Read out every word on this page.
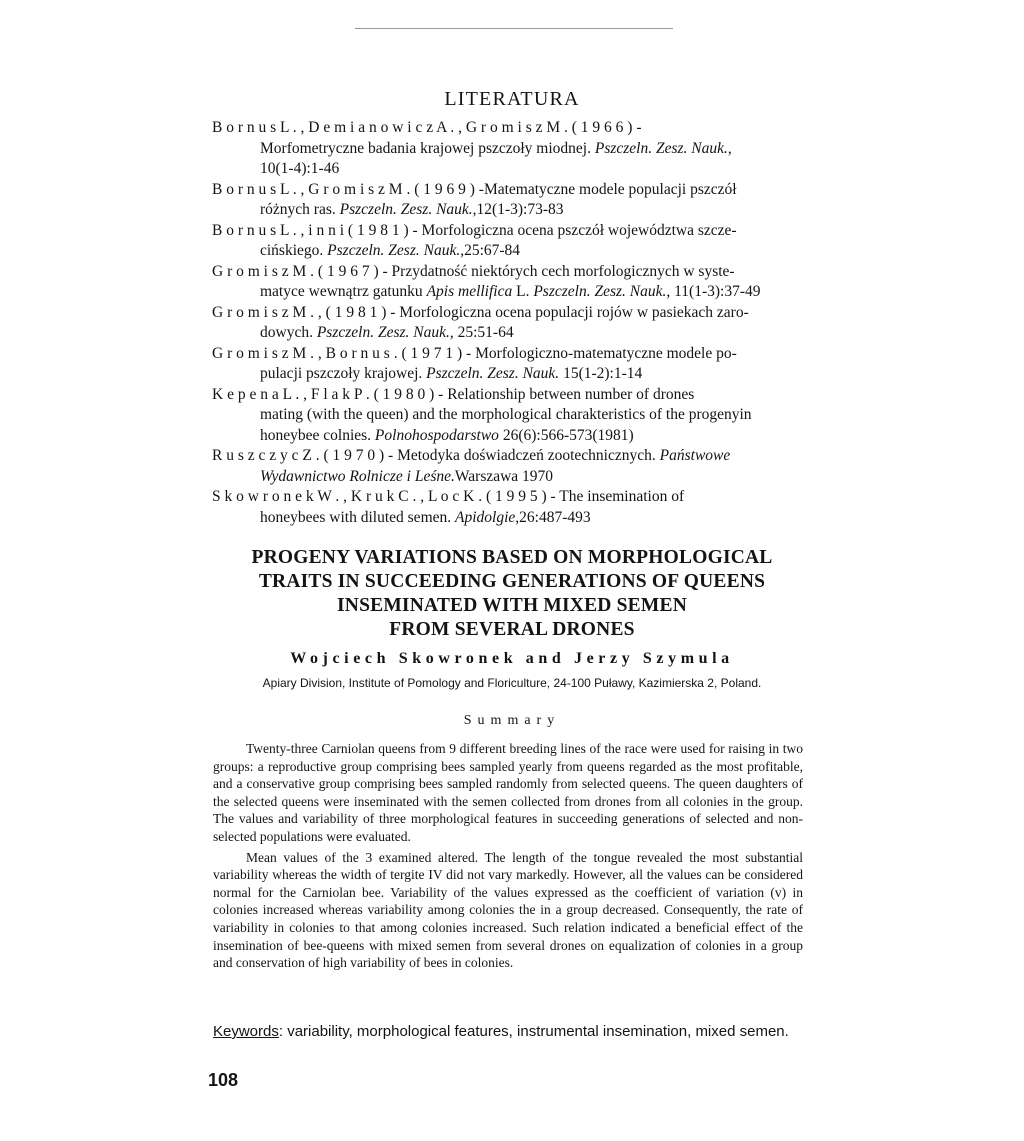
LITERATURA

B o r n u s L . , D e m i a n o w i c z A . , G r o m i s z M . ( 1 9 6 6 ) -
Morfometryczne badania krajowej pszczoły miodnej. Pszczeln. Zesz. Nauk.,
10(1-4):1-46

B o r n u s L . , G r o m i s z M . ( 1 9 6 9 ) -Matematyczne modele populacji pszczół
różnych ras. Pszczeln. Zesz. Nauk.,12(1-3):73-83

B o r n u s L . , i n n i ( 1 9 8 1 ) - Morfologiczna ocena pszczół województwa szcze-
cińskiego. Pszczeln. Zesz. Nauk.,25:67-84

G r o m i s z M . ( 1 9 6 7 ) - Przydatność niektórych cech morfologicznych w syste-
matyce wewnątrz gatunku Apis mellifica L. Pszczeln. Zesz. Nauk., 11(1-3):37-49

G r o m i s z M . , ( 1 9 8 1 ) - Morfologiczna ocena populacji rojów w pasiekach zaro-
dowych. Pszczeln. Zesz. Nauk., 25:51-64

G r o m i s z M . , B o r n u s . ( 1 9 7 1 ) - Morfologiczno-matematyczne modele po-
pulacji pszczoły krajowej. Pszczeln. Zesz. Nauk. 15(1-2):1-14

K e p e n a L . , F l a k P . ( 1 9 8 0 ) - Relationship between number of drones
mating (with the queen) and the morphological charakteristics of the progenyin
honeybee colnies. Polnohospodarstwo 26(6):566-573(1981)

R u s z c z y c Z . ( 1 9 7 0 ) - Metodyka doświadczeń zootechnicznych. Państwowe
Wydawnictwo Rolnicze i Leśne.Warszawa 1970

S k o w r o n e k W . , K r u k C . , L o c K . ( 1 9 9 5 ) - The insemination of
honeybees with diluted semen. Apidolgie,26:487-493

PROGENY VARIATIONS BASED ON MORPHOLOGICAL
TRAITS IN SUCCEEDING GENERATIONS OF QUEENS
INSEMINATED WITH MIXED SEMEN
FROM SEVERAL DRONES
Wojciech Skowronek and Jerzy Szymula
Apiary Division, Institute of Pomology and Floriculture, 24-100 Puławy, Kazimierska 2, Poland.
Summary

Twenty-three Carniolan queens from 9 different breeding lines of the race were used for raising in two groups: a reproductive group comprising bees sampled yearly from queens regarded as the most profitable, and a conservative group comprising bees sampled randomly from selected queens. The queen daughters of the selected queens were inseminated with the semen collected from drones from all colonies in the group. The values and variability of three morphological features in succeeding generations of selected and non-selected populations were evaluated.

Mean values of the 3 examined altered. The length of the tongue revealed the most substantial variability whereas the width of tergite IV did not vary markedly. However, all the values can be considered normal for the Carniolan bee. Variability of the values expressed as the coefficient of variation (v) in colonies increased whereas variability among colonies the in a group decreased. Consequently, the rate of variability in colonies to that among colonies increased. Such relation indicated a beneficial effect of the insemination of bee-queens with mixed semen from several drones on equalization of colonies in a group and conservation of high variability of bees in colonies.

Keywords: variability, morphological features, instrumental insemination, mixed semen.
108
